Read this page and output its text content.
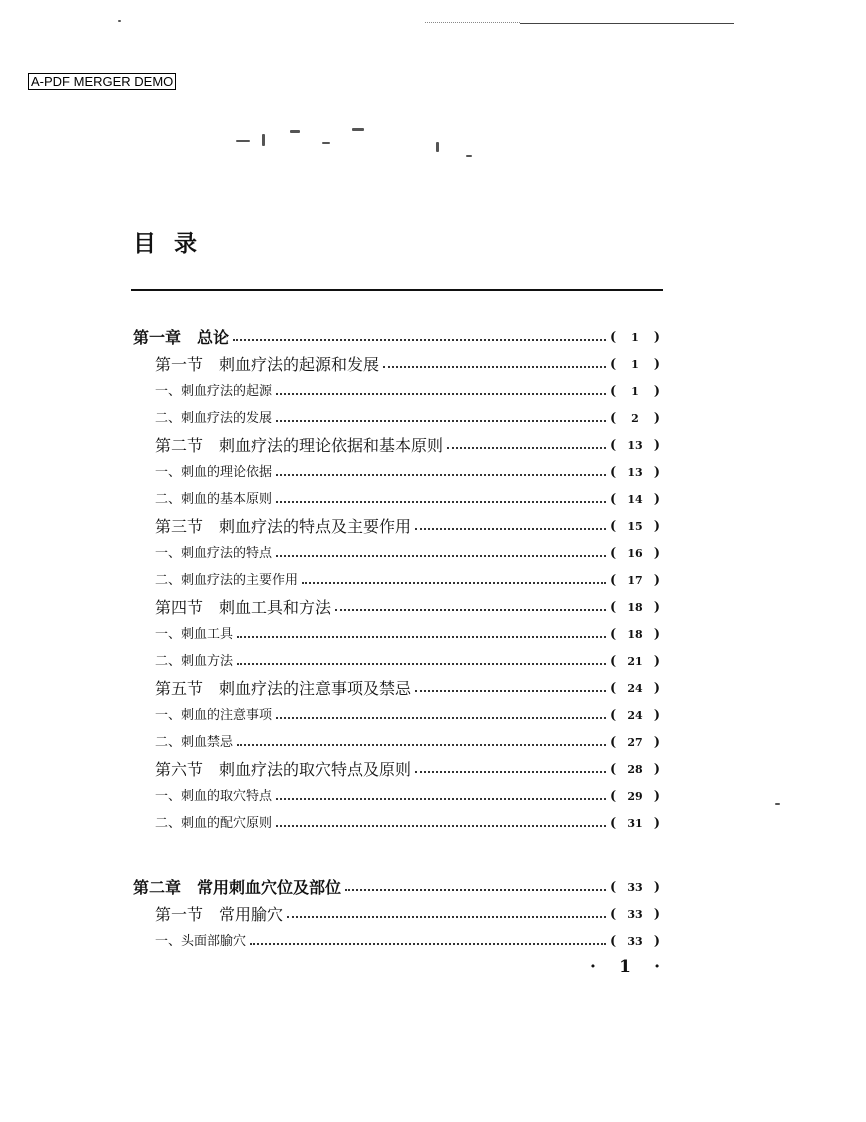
A-PDF MERGER DEMO
目录
第一章　总论	( 1 )
第一节　刺血疗法的起源和发展	( 1 )
一、刺血疗法的起源	( 1 )
二、刺血疗法的发展	( 2 )
第二节　刺血疗法的理论依据和基本原则	( 13 )
一、刺血的理论依据	( 13 )
二、刺血的基本原则	( 14 )
第三节　刺血疗法的特点及主要作用	( 15 )
一、刺血疗法的特点	( 16 )
二、刺血疗法的主要作用	( 17 )
第四节　刺血工具和方法	( 18 )
一、刺血工具	( 18 )
二、刺血方法	( 21 )
第五节　刺血疗法的注意事项及禁忌	( 24 )
一、刺血的注意事项	( 24 )
二、刺血禁忌	( 27 )
第六节　刺血疗法的取穴特点及原则	( 28 )
一、刺血的取穴特点	( 29 )
二、刺血的配穴原则	( 31 )
第二章　常用刺血穴位及部位	( 33 )
第一节　常用腧穴	( 33 )
一、头面部腧穴	( 33 )
· 1 ·
